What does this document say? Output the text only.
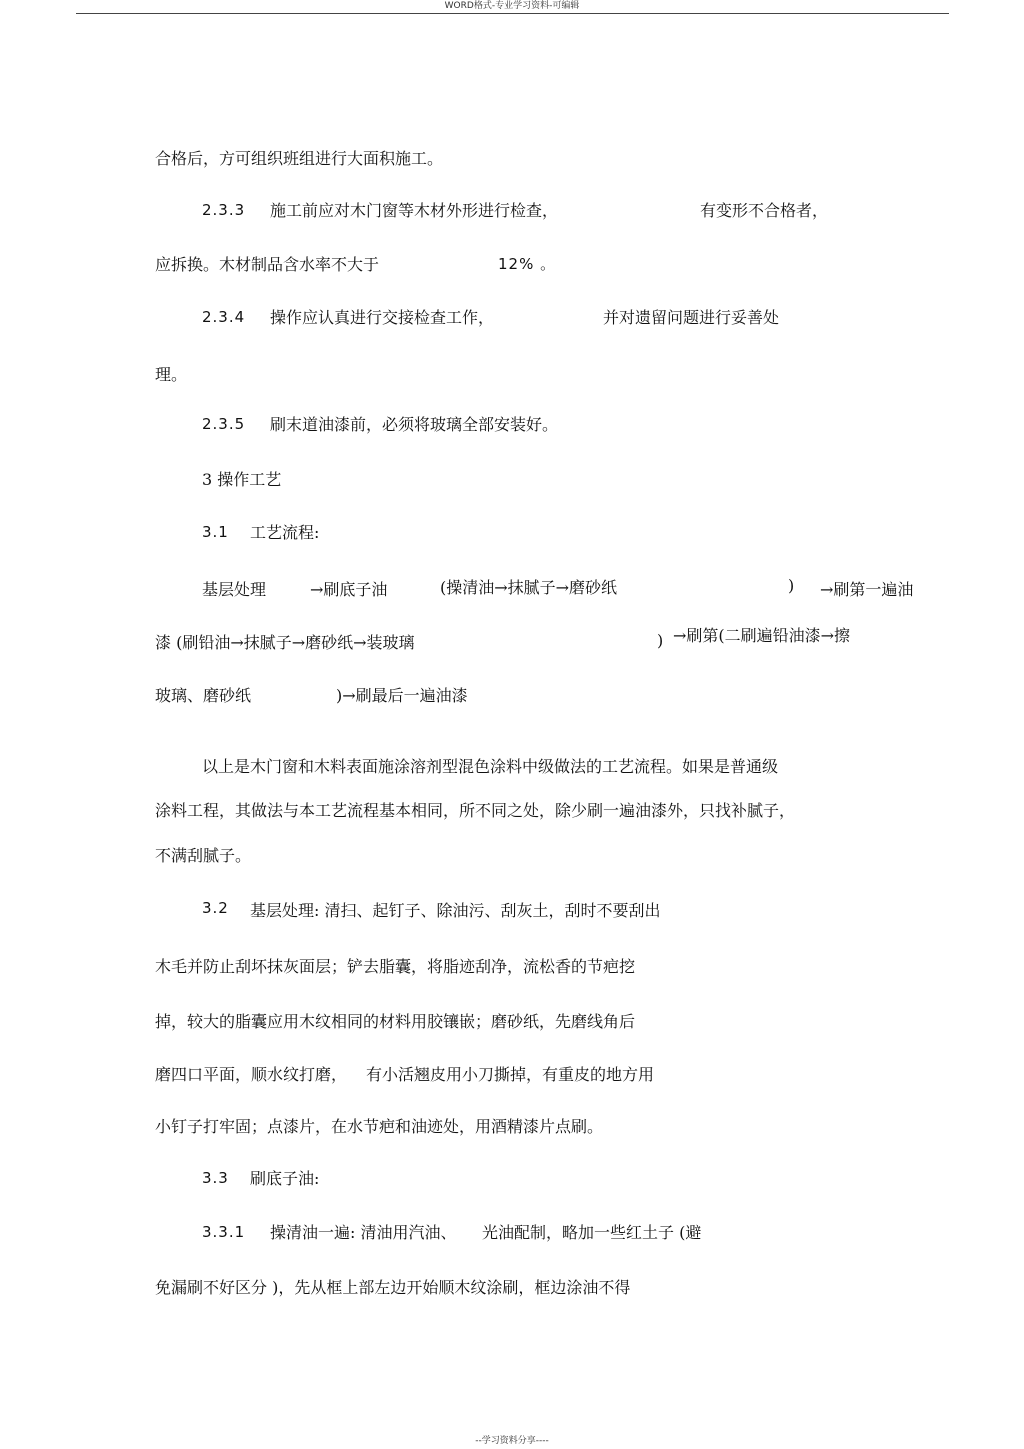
WORD格式-专业学习资料-可编辑
合格后，方可组织班组进行大面积施工。
2.3.3 施工前应对木门窗等木材外形进行检查，	有变形不合格者，
应拆换。木材制品含水率不大于	12% 。
2.3.4 操作应认真进行交接检查工作，	并对遗留问题进行妥善处
理。
2.3.5 刷末道油漆前，必须将玻璃全部安装好。
3 操作工艺
3.1 工艺流程:
基层处理	→刷底子油	(操清油→抹腻子→磨砂纸	) →刷第一遍油
漆 (刷铅油→抹腻子→磨砂纸→装玻璃	) →刷第(二刷遍铅油漆→擦
玻璃、磨砂纸	)→刷最后一遍油漆
以上是木门窗和木料表面施涂溶剂型混色涂料中级做法的工艺流程。如果是普通级
涂料工程，其做法与本工艺流程基本相同，所不同之处，除少刷一遍油漆外，只找补腻子，
不满刮腻子。
3.2 基层处理: 清扫、起钉子、除油污、刮灰土，刮时不要刮出
木毛并防止刮坏抹灰面层；铲去脂囊，将脂迹刮净，流松香的节疤挖
掉，较大的脂囊应用木纹相同的材料用胶镶嵌；磨砂纸，先磨线角后
磨四口平面，顺水纹打磨， 有小活翘皮用小刀撕掉，有重皮的地方用
小钉子打牢固；点漆片，在水节疤和油迹处，用酒精漆片点刷。
3.3 刷底子油:
3.3.1 操清油一遍: 清油用汽油、 光油配制，略加一些红土子 (避
免漏刷不好区分 )，先从框上部左边开始顺木纹涂刷，框边涂油不得
--学习资料分享----
